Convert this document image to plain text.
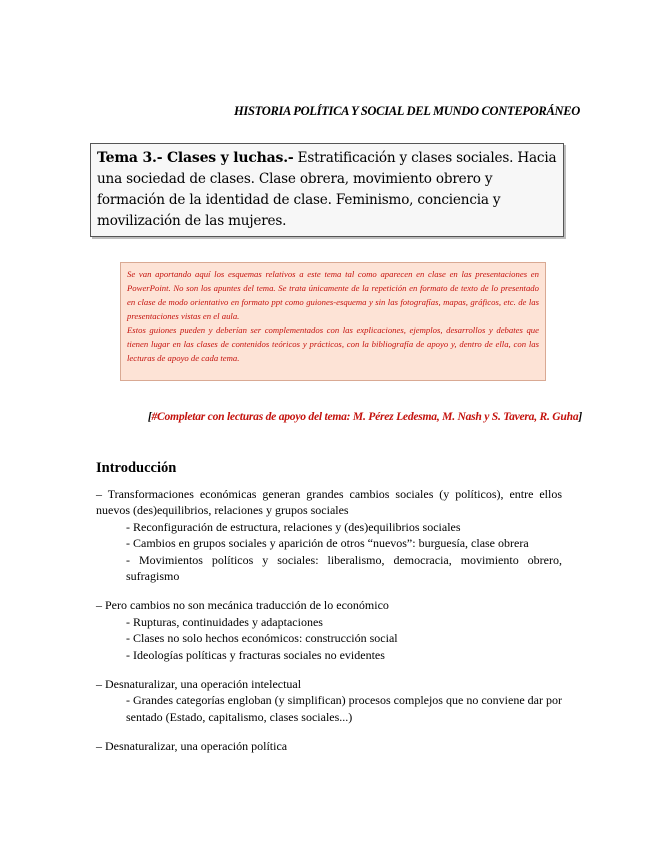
HISTORIA POLÍTICA Y SOCIAL DEL MUNDO CONTEPORÁNEO
Tema 3.- Clases y luchas.- Estratificación y clases sociales. Hacia una sociedad de clases. Clase obrera, movimiento obrero y formación de la identidad de clase. Feminismo, conciencia y movilización de las mujeres.

Se van aportando aquí los esquemas relativos a este tema tal como aparecen en clase en las presentaciones en PowerPoint. No son los apuntes del tema. Se trata únicamente de la repetición en formato de texto de lo presentado en clase de modo orientativo en formato ppt como guiones-esquema y sin las fotografías, mapas, gráficos, etc. de las presentaciones vistas en el aula.

Estos guiones pueden y deberían ser complementados con las explicaciones, ejemplos, desarrollos y debates que tienen lugar en las clases de contenidos teóricos y prácticos, con la bibliografía de apoyo y, dentro de ella, con las lecturas de apoyo de cada tema.

[#Completar con lecturas de apoyo del tema: M. Pérez Ledesma, M. Nash y S. Tavera, R. Guha]
Introducción

– Transformaciones económicas generan grandes cambios sociales (y políticos), entre ellos nuevos (des)equilibrios, relaciones y grupos sociales

- Reconfiguración de estructura, relaciones y (des)equilibrios sociales

- Cambios en grupos sociales y aparición de otros “nuevos”: burguesía, clase obrera

- Movimientos políticos y sociales: liberalismo, democracia, movimiento obrero, sufragismo

– Pero cambios no son mecánica traducción de lo económico

- Rupturas, continuidades y adaptaciones

- Clases no solo hechos económicos: construcción social

- Ideologías políticas y fracturas sociales no evidentes

– Desnaturalizar, una operación intelectual

- Grandes categorías engloban (y simplifican) procesos complejos que no conviene dar por sentado (Estado, capitalismo, clases sociales...)

– Desnaturalizar, una operación política
